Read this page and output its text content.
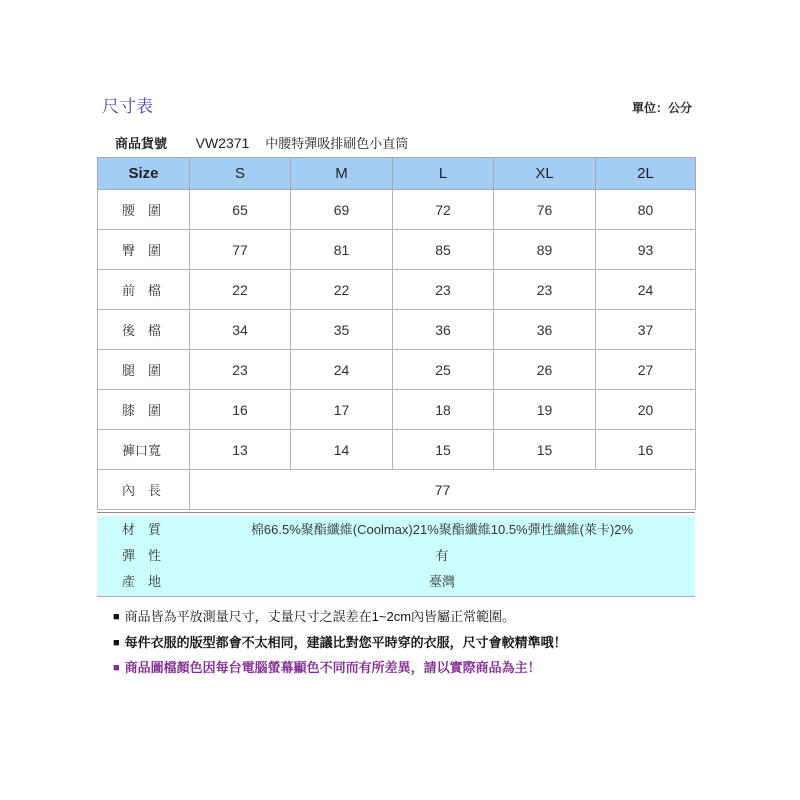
尺寸表	單位：公分
商品貨號 VW2371 中腰特彈吸排刷色小直筒
Size	S	M	L	XL	2L
腰　圍	65	69	72	76	80
臀　圍	77	81	85	89	93
前　檔	22	22	23	23	24
後　檔	34	35	36	36	37
腿　圍	23	24	25	26	27
膝　圍	16	17	18	19	20
褲口寬	13	14	15	15	16
內　長	77				
材　質	棉66.5%聚酯纖維(Coolmax)21%聚酯纖維10.5%彈性纖維(萊卡)2%
彈　性	有
產　地	臺灣
■ 商品皆為平放測量尺寸，丈量尺寸之誤差在1~2cm內皆屬正常範圍。
■ 每件衣服的版型都會不太相同，建議比對您平時穿的衣服，尺寸會較精準哦！
■ 商品圖檔顏色因每台電腦螢幕顯色不同而有所差異，請以實際商品為主！
